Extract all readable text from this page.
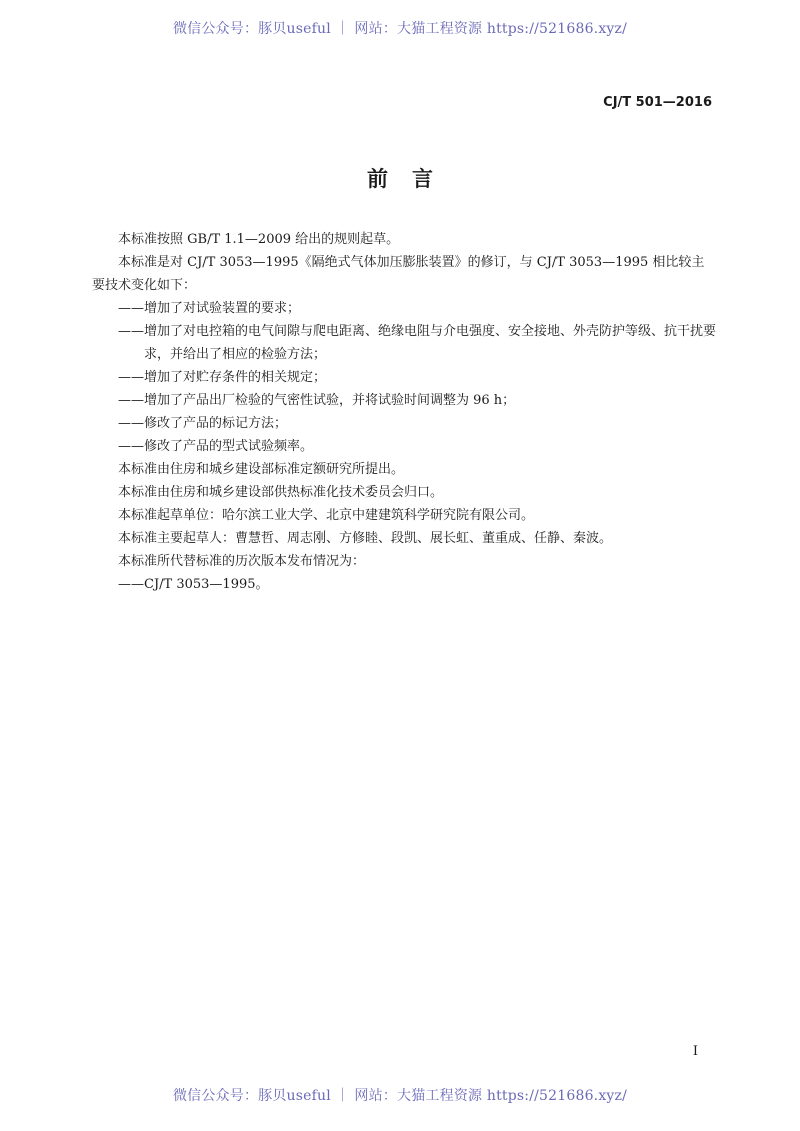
微信公众号：豚贝useful ｜ 网站：大猫工程资源 https://521686.xyz/
CJ/T 501—2016
前言

本标准按照 GB/T 1.1—2009 给出的规则起草。

本标准是对 CJ/T 3053—1995《隔绝式气体加压膨胀装置》的修订，与 CJ/T 3053—1995 相比较主要技术变化如下：

——增加了对试验装置的要求；

——增加了对电控箱的电气间隙与爬电距离、绝缘电阻与介电强度、安全接地、外壳防护等级、抗干扰要求，并给出了相应的检验方法；

——增加了对贮存条件的相关规定；

——增加了产品出厂检验的气密性试验，并将试验时间调整为 96 h；

——修改了产品的标记方法；

——修改了产品的型式试验频率。

本标准由住房和城乡建设部标准定额研究所提出。

本标准由住房和城乡建设部供热标准化技术委员会归口。

本标准起草单位：哈尔滨工业大学、北京中建建筑科学研究院有限公司。

本标准主要起草人：曹慧哲、周志刚、方修睦、段凯、展长虹、董重成、任静、秦波。

本标准所代替标准的历次版本发布情况为：

——CJ/T 3053—1995。

I
微信公众号：豚贝useful ｜ 网站：大猫工程资源 https://521686.xyz/
